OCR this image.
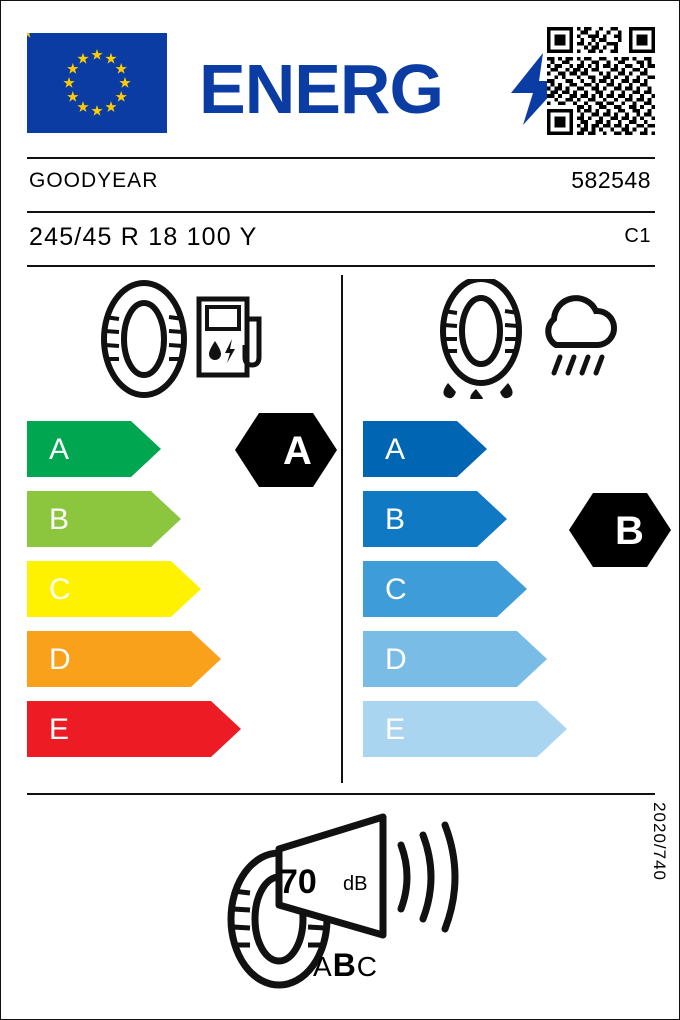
ENERG
GOODYEAR	582548
245/45 R 18 100 Y	C1
A
B
C
D
E
A
B
C
D
E
A
B
70 dB
ABC
2020/740
